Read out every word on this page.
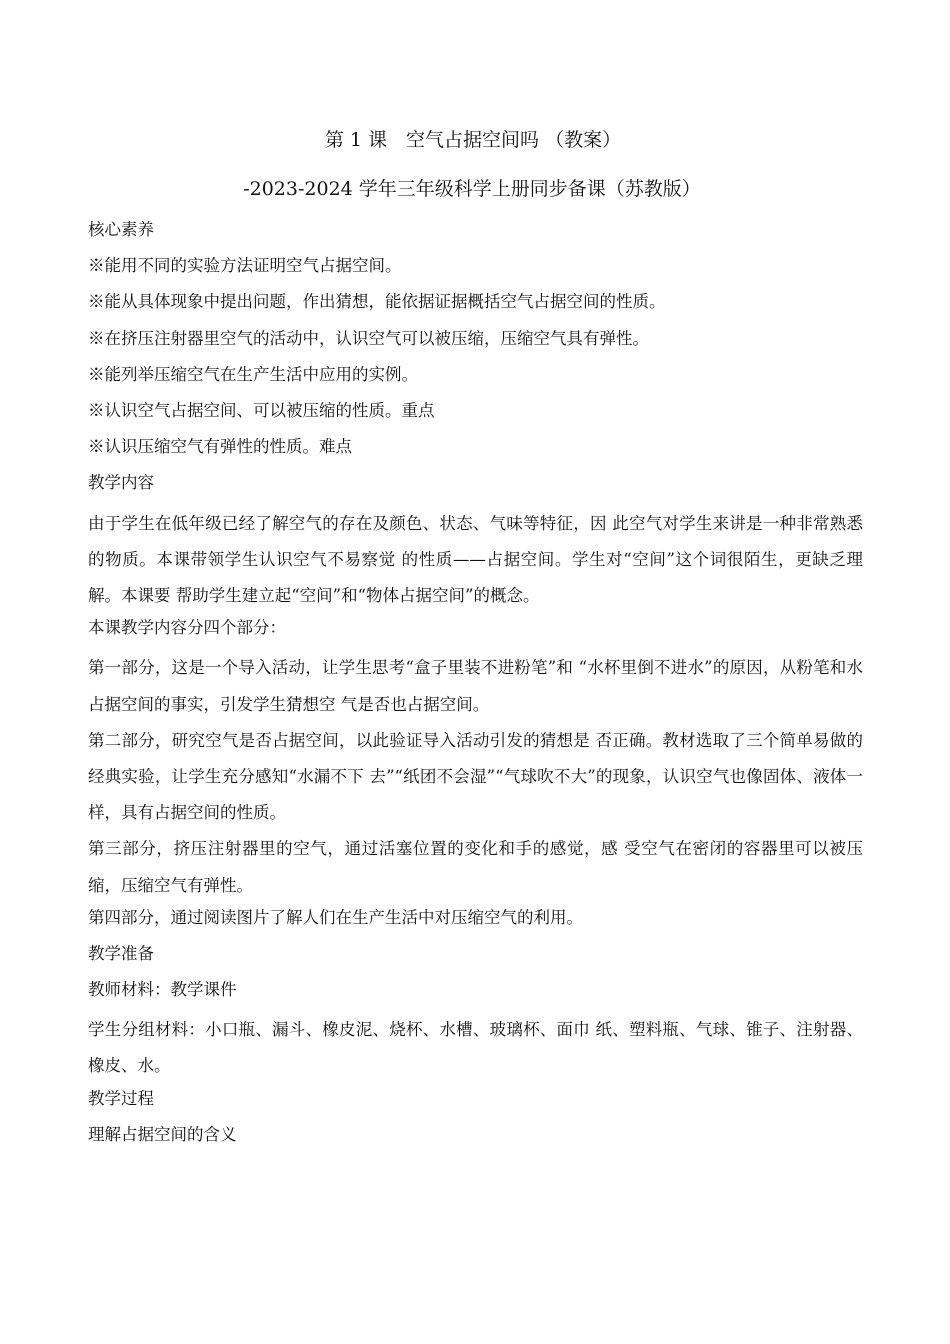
第 1 课　空气占据空间吗 （教案）
-2023-2024 学年三年级科学上册同步备课（苏教版）
核心素养
※能用不同的实验方法证明空气占据空间。
※能从具体现象中提出问题，作出猜想，能依据证据概括空气占据空间的性质。
※在挤压注射器里空气的活动中，认识空气可以被压缩，压缩空气具有弹性。
※能列举压缩空气在生产生活中应用的实例。
※认识空气占据空间、可以被压缩的性质。重点
※认识压缩空气有弹性的性质。难点
教学内容
由于学生在低年级已经了解空气的存在及颜色、状态、气味等特征，因 此空气对学生来讲是一种非常熟悉的物质。本课带领学生认识空气不易察觉 的性质——占据空间。学生对“空间”这个词很陌生，更缺乏理解。本课要 帮助学生建立起“空间”和“物体占据空间”的概念。
本课教学内容分四个部分：
第一部分，这是一个导入活动，让学生思考“盒子里装不进粉笔”和 “水杯里倒不进水”的原因，从粉笔和水占据空间的事实，引发学生猜想空 气是否也占据空间。
第二部分，研究空气是否占据空间，以此验证导入活动引发的猜想是 否正确。教材选取了三个简单易做的经典实验，让学生充分感知“水漏不下 去”“纸团不会湿”“气球吹不大”的现象，认识空气也像固体、液体一 样，具有占据空间的性质。
第三部分，挤压注射器里的空气，通过活塞位置的变化和手的感觉，感 受空气在密闭的容器里可以被压缩，压缩空气有弹性。
第四部分，通过阅读图片了解人们在生产生活中对压缩空气的利用。
教学准备
教师材料：教学课件
学生分组材料：小口瓶、漏斗、橡皮泥、烧杯、水槽、玻璃杯、面巾 纸、塑料瓶、气球、锥子、注射器、橡皮、水。
教学过程
理解占据空间的含义
